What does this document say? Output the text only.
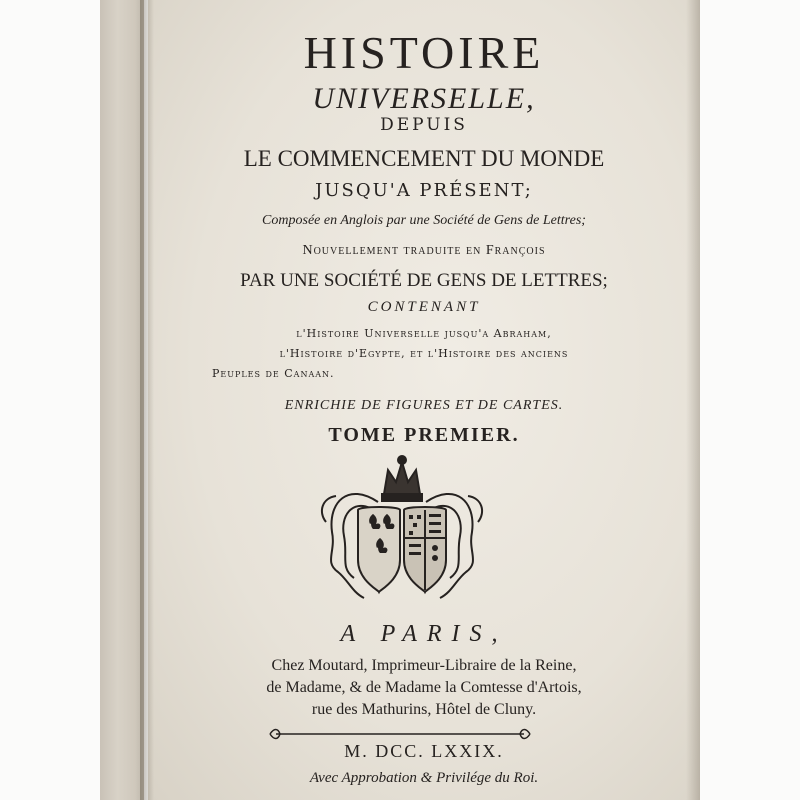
HISTOIRE
UNIVERSELLE,
DEPUIS
LE COMMENCEMENT DU MONDE
JUSQU'A PRÉSENT;
Composée en Anglois par une Société de Gens de Lettres;
Nouvellement traduite en François
PAR UNE SOCIÉTÉ DE GENS DE LETTRES;
CONTENANT
l'Histoire Universelle jusqu'a Abraham,
l'Histoire d'Egypte, et l'Histoire des anciens
Peuples de Canaan.
ENRICHIE DE FIGURES ET DE CARTES.
TOME PREMIER.
A PARIS,
Chez Moutard, Imprimeur-Libraire de la Reine,
de Madame, & de Madame la Comtesse d'Artois,
rue des Mathurins, Hôtel de Cluny.
M. DCC. LXXIX.
Avec Approbation & Privilége du Roi.
